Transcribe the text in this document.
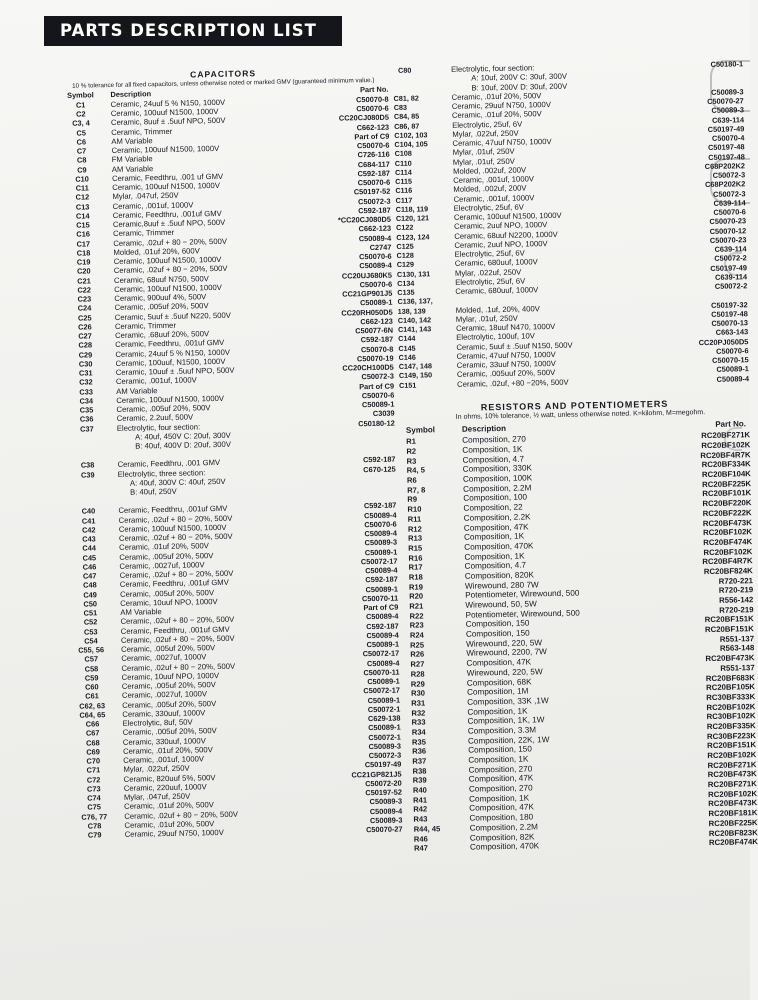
PARTS DESCRIPTION LIST
CAPACITORS
10 % tolerance for all fixed capacitors, unless otherwise noted or marked GMV (guaranteed minimum value.)
Symbol	Description	Part No.
C1	Ceramic, 24uuf 5 % N150, 1000V	C50070-8
C2	Ceramic, 100uuf N1500, 1000V	C50070-6
C3, 4	Ceramic, 8uuf ± .5uuf NPO, 500V	CC20CJ080D5
C5	Ceramic, Trimmer	C662-123
C6	AM Variable	Part of C9
C7	Ceramic, 100uuf N1500, 1000V	C50070-6
C8	FM Variable	C726-116
C9	AM Variable	C684-117
C10	Ceramic, Feedthru, .001 uf GMV	C592-187
C11	Ceramic, 100uuf N1500, 1000V	C50070-6
C12	Mylar, .047uf, 250V	C50197-52
C13	Ceramic, .001uf, 1000V	C50072-3
C14	Ceramic, Feedthru, .001uf GMV	C592-187
C15	Ceramic,8uuf ± .5uuf NPO, 500V	*CC20CJ080D5
C16	Ceramic, Trimmer	C662-123
C17	Ceramic, .02uf + 80 − 20%, 500V	C50089-4
C18	Molded, .01uf 20%, 600V	C2747
C19	Ceramic, 100uuf N1500, 1000V	C50070-6
C20	Ceramic, .02uf + 80 − 20%, 500V	C50089-4
C21	Ceramic, 68uuf N750, 500V	CC20UJ680K5
C22	Ceramic, 100uuf N1500, 1000V	C50070-6
C23	Ceramic, 900uuf 4%, 500V	CC21GP901J5
C24	Ceramic, .005uf 20%, 500V	C50089-1
C25	Ceramic, 5uuf ± .5uuf N220, 500V	CC20RH050D5
C26	Ceramic, Trimmer	C662-123
C27	Ceramic, .68uuf 20%, 500V	C50077-6N
C28	Ceramic, Feedthru, .001uf GMV	C592-187
C29	Ceramic, 24uuf 5 % N150, 1000V	C50070-8
C30	Ceramic, 100uuf, N1500, 1000V	C50070-19
C31	Ceramic, 10uuf ± .5uuf NPO, 500V	CC20CH100D5
C32	Ceramic, .001uf, 1000V	C50072-3
C33	AM Variable	Part of C9
C34	Ceramic, 100uuf N1500, 1000V	C50070-6
C35	Ceramic, .005uf 20%, 500V	C50089-1
C36	Ceramic, 2.2uuf, 500V	C3039
C37	Electrolytic, four section:	C50180-12
A: 40uf, 450V C: 20uf, 300V
B: 40uf, 400V D: 20uf, 300V
C38	Ceramic, Feedthru, .001 GMV	C592-187
C39	Electrolytic, three section:	C670-125
A: 40uf, 300V C: 40uf, 250V
B: 40uf, 250V
C40	Ceramic, Feedthru, .001uf GMV	C592-187
C41	Ceramic, .02uf + 80 − 20%, 500V	C50089-4
C42	Ceramic, 100uuf N1500, 1000V	C50070-6
C43	Ceramic, .02uf + 80 − 20%, 500V	C50089-4
C44	Ceramic, .01uf 20%, 500V	C50089-3
C45	Ceramic, .005uf 20%, 500V	C50089-1
C46	Ceramic, .0027uf, 1000V	C50072-17
C47	Ceramic, .02uf + 80 − 20%, 500V	C50089-4
C48	Ceramic, Feedthru, .001uf GMV	C592-187
C49	Ceramic, .005uf 20%, 500V	C50089-1
C50	Ceramic, 10uuf NPO, 1000V	C50070-11
C51	AM Variable	Part of C9
C52	Ceramic, .02uf + 80 − 20%, 500V	C50089-4
C53	Ceramic, Feedthru, .001uf GMV	C592-187
C54	Ceramic, .02uf + 80 − 20%, 500V	C50089-4
C55, 56	Ceramic, .005uf 20%, 500V	C50089-1
C57	Ceramic, .0027uf, 1000V	C50072-17
C58	Ceramic, .02uf + 80 − 20%, 500V	C50089-4
C59	Ceramic, 10uuf NPO, 1000V	C50070-11
C60	Ceramic, .005uf 20%, 500V	C50089-1
C61	Ceramic, .0027uf, 1000V	C50072-17
C62, 63	Ceramic, .005uf 20%, 500V	C50089-1
C64, 65	Ceramic, 330uuf, 1000V	C50072-1
C66	Electrolytic, 8uf, 50V	C629-138
C67	Ceramic, .005uf 20%, 500V	C50089-1
C68	Ceramic, 330uuf, 1000V	C50072-1
C69	Ceramic, .01uf 20%, 500V	C50089-3
C70	Ceramic, .001uf, 1000V	C50072-3
C71	Mylar, .022uf, 250V	C50197-49
C72	Ceramic, 820uuf 5%, 500V	CC21GP821J5
C73	Ceramic, 220uuf, 1000V	C50072-20
C74	Mylar, .047uf, 250V	C50197-52
C75	Ceramic, .01uf 20%, 500V	C50089-3
C76, 77	Ceramic, .02uf + 80 − 20%, 500V	C50089-4
C78	Ceramic, .01uf 20%, 500V	C50089-3
C79	Ceramic, 29uuf N750, 1000V	C50070-27
C80	Electrolytic, four section:	C50180-1
A: 10uf, 200V C: 30uf, 300V
B: 10uf, 200V D: 30uf, 200V
C81, 82	Ceramic, .01uf 20%, 500V	C50089-3
C83	Ceramic, 29uuf N750, 1000V	C50070-27
C84, 85	Ceramic, .01uf 20%, 500V	C50089-3
C86, 87	Electrolytic, 25uf, 6V	C639-114
C102, 103	Mylar, .022uf, 250V	C50197-49
C104, 105	Ceramic, 47uuf N750, 1000V	C50070-4
C108	Mylar, .01uf, 250V	C50197-48
C110	Mylar, .01uf, 250V	C50197-48
C114	Molded, .002uf, 200V	C68P202K2
C115	Ceramic, .001uf, 1000V	C50072-3
C116	Molded, .002uf, 200V	C68P202K2
C117	Ceramic, .001uf, 1000V	C50072-3
C118, 119	Electrolytic, 25uf, 6V	C639-114
C120, 121	Ceramic, 100uuf N1500, 1000V	C50070-6
C122	Ceramic, 2uuf NPO, 1000V	C50070-23
C123, 124	Ceramic, 68uuf N2200, 1000V	C50070-12
C125	Ceramic, 2uuf NPO, 1000V	C50070-23
C128	Electrolytic, 25uf, 6V	C639-114
C129	Ceramic, 680uuf, 1000V	C50072-2
C130, 131	Mylar, .022uf, 250V	C50197-49
C134	Electrolytic, 25uf, 6V	C639-114
C135	Ceramic, 680uuf, 1000V	C50072-2
C136, 137,
138, 139	Molded, .1uf, 20%, 400V	C50197-32
C140, 142	Mylar, .01uf, 250V	C50197-48
C141, 143	Ceramic, 18uuf N470, 1000V	C50070-13
C144	Electrolytic, 100uf, 10V	C663-143
C145	Ceramic, 5uuf ± .5uuf N150, 500V	CC20PJ050D5
C146	Ceramic, 47uuf N750, 1000V	C50070-6
C147, 148	Ceramic, 33uuf N750, 1000V	C50070-15
C149, 150	Ceramic, .005uuf 20%, 500V	C50089-1
C151	Ceramic, .02uf, +80 −20%, 500V	C50089-4
RESISTORS AND POTENTIOMETERS
In ohms, 10% tolerance, ½ watt, unless otherwise noted. K=kilohm, M=megohm.
Symbol	Description	Part No.
R1	Composition, 270	RC20BF271K
R2	Composition, 1K	RC20BF102K
R3	Composition, 4.7	RC20BF4R7K
R4, 5	Composition, 330K	RC20BF334K
R6	Composition, 100K	RC20BF104K
R7, 8	Composition, 2.2M	RC20BF225K
R9	Composition, 100	RC20BF101K
R10	Composition, 22	RC20BF220K
R11	Composition, 2.2K	RC20BF222K
R12	Composition, 47K	RC20BF473K
R13	Composition, 1K	RC20BF102K
R15	Composition, 470K	RC20BF474K
R16	Composition, 1K	RC20BF102K
R17	Composition, 4.7	RC20BF4R7K
R18	Composition, 820K	RC20BF824K
R19	Wirewound, 280 7W	R720-221
R20	Potentiometer, Wirewound, 500	R720-219
R21	Wirewound, 50, 5W	R556-142
R22	Potentiometer, Wirewound, 500	R720-219
R23	Composition, 150	RC20BF151K
R24	Composition, 150	RC20BF151K
R25	Wirewound, 220, 5W	R551-137
R26	Wirewound, 2200, 7W	R563-148
R27	Composition, 47K	RC20BF473K
R28	Wirewound, 220, 5W	R551-137
R29	Composition, 68K	RC20BF683K
R30	Composition, 1M	RC20BF105K
R31	Composition, 33K ,1W	RC30BF333K
R32	Composition, 1K	RC20BF102K
R33	Composition, 1K, 1W	RC30BF102K
R34	Composition, 3.3M	RC20BF335K
R35	Composition, 22K, 1W	RC30BF223K
R36	Composition, 150	RC20BF151K
R37	Composition, 1K	RC20BF102K
R38	Composition, 270	RC20BF271K
R39	Composition, 47K	RC20BF473K
R40	Composition, 270	RC20BF271K
R41	Composition, 1K	RC20BF102K
R42	Composition, 47K	RC20BF473K
R43	Composition, 180	RC20BF181K
R44, 45	Composition, 2.2M	RC20BF225K
R46	Composition, 82K	RC20BF823K
R47	Composition, 470K	RC20BF474K
